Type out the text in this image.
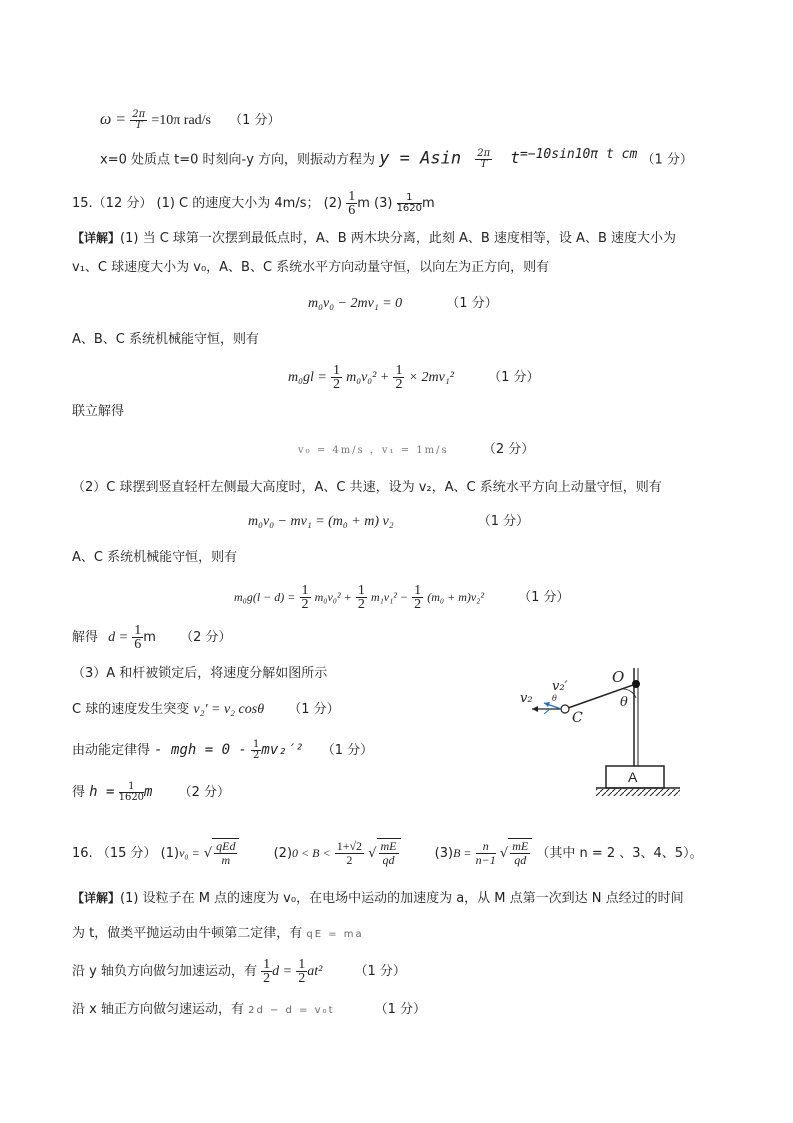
$\omega = \frac{2\pi}{T} =10\pi$ rad/s （1 分）
x=0 处质点 t=0 时刻向-y 方向，则振动方程为 y = Asin $\frac{2\pi}{T} t^{=-10sin10\pi t cm}$ （1 分）
15.（12 分） (1) C 的速度大小为 4m/s； $(2) \frac{1}{6}$ m $(3) \frac{1}{1620}$ m
【详解】(1) 当 C 球第一次摆到最低点时，A、B 两木块分离，此刻 A、B 速度相等，设 A、B 速度大小为
v₁、C 球速度大小为 v₀，A、B、C 系统水平方向动量守恒，以向左为正方向，则有
m₀v₀ − 2mv₁ = 0	（1 分）
A、B、C 系统机械能守恒，则有
$m_0gl = \frac{1}{2} m_0v_0^2 + \frac{1}{2} \times 2mv_1^2$	（1 分）
联立解得
v₀ = 4m/s ，v₁ = 1m/s	（2 分）
（2）C 球摆到竖直轻杆左侧最大高度时，A、C 共速，设为 v₂，A、C 系统水平方向上动量守恒，则有
m₀v₀ − mv₁ = (m₀ + m) v₂	（1 分）
A、C 系统机械能守恒，则有
$m_0g(l - d) = \frac{1}{2} m_0v_0^2 + \frac{1}{2} m_1v_1^2 - \frac{1}{2} (m_0 + m)v_2^2$	（1 分）
解得 $d = \frac{1}{6}$ m （2 分）
（3）A 和杆被锁定后，将速度分解如图所示
C 球的速度发生突变 v₂′ = v₂ cosθ （1 分）
由动能定律得 - mgh = $0 - \frac{1}{2} mv_2'^2$ （1 分）
得 $h = \frac{1}{1620}$ m （2 分）
O
θ
θ
C
v₂
v₂′
A
16. （15 分） (1)v₀ = √ $\frac{\text{qEd}}{m}$	$(2)0 < B < \frac{1+√2}{2}$ √ $\frac{mE}{qd}$	$(3)B = \frac{n}{n-1}$ √ $\frac{mE}{qd}$ （其中 n = 2 、3、4、5）。
【详解】(1) 设粒子在 M 点的速度为 v₀，在电场中运动的加速度为 a，从 M 点第一次到达 N 点经过的时间
为 t，做类平抛运动由牛顿第二定律，有 qE = ma
沿 y 轴负方向做匀加速运动，有 $\frac{1}{2}$ $d = \frac{1}{2} at^2$ （1 分）
沿 x 轴正方向做匀速运动，有 2d − d = v₀t	（1 分）
